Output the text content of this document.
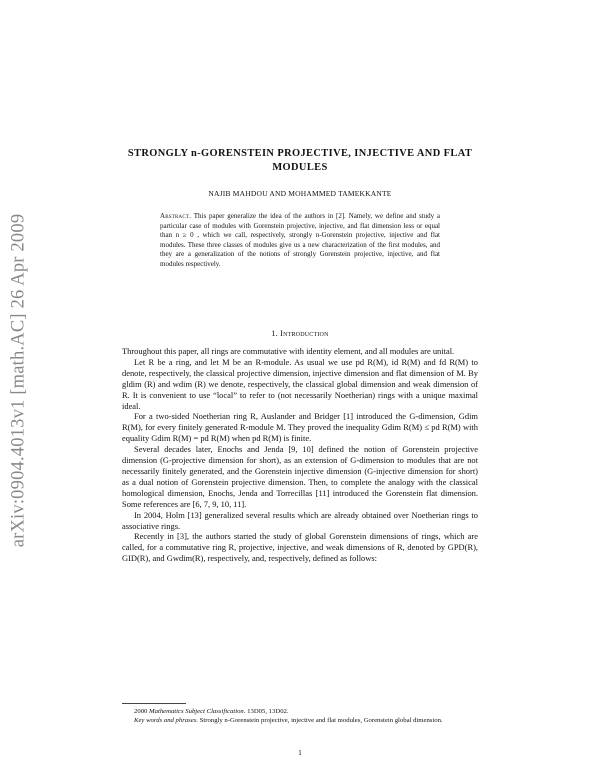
arXiv:0904.4013v1 [math.AC] 26 Apr 2009
STRONGLY n-GORENSTEIN PROJECTIVE, INJECTIVE AND FLAT MODULES
NAJIB MAHDOU AND MOHAMMED TAMEKKANTE
Abstract. This paper generalize the idea of the authors in [2]. Namely, we define and study a particular case of modules with Gorenstein projective, injective, and flat dimension less or equal than n ≥ 0 , which we call, respectively, strongly n-Gorenstein projective, injective and flat modules. These three classes of modules give us a new characterization of the first modules, and they are a generalization of the notions of strongly Gorenstein projective, injective, and flat modules respectively.
1. Introduction

Throughout this paper, all rings are commutative with identity element, and all modules are unital.

Let R be a ring, and let M be an R-module. As usual we use pd R(M), id R(M) and fd R(M) to denote, respectively, the classical projective dimension, injective dimension and flat dimension of M. By gldim (R) and wdim (R) we denote, respectively, the classical global dimension and weak dimension of R. It is convenient to use “local” to refer to (not necessarily Noetherian) rings with a unique maximal ideal.

For a two-sided Noetherian ring R, Auslander and Bridger [1] introduced the G-dimension, Gdim R(M), for every finitely generated R-module M. They proved the inequality Gdim R(M) ≤ pd R(M) with equality Gdim R(M) = pd R(M) when pd R(M) is finite.

Several decades later, Enochs and Jenda [9, 10] defined the notion of Gorenstein projective dimension (G-projective dimension for short), as an extension of G-dimension to modules that are not necessarily finitely generated, and the Gorenstein injective dimension (G-injective dimension for short) as a dual notion of Gorenstein projective dimension. Then, to complete the analogy with the classical homological dimension, Enochs, Jenda and Torrecillas [11] introduced the Gorenstein flat dimension. Some references are [6, 7, 9, 10, 11].

In 2004, Holm [13] generalized several results which are already obtained over Noetherian rings to associative rings.

Recently in [3], the authors started the study of global Gorenstein dimensions of rings, which are called, for a commutative ring R, projective, injective, and weak dimensions of R, denoted by GPD(R), GID(R), and Gwdim(R), respectively, and, respectively, defined as follows:

2000 Mathematics Subject Classification. 13D05, 13D02.

Key words and phrases. Strongly n-Gorenstein projective, injective and flat modules, Gorenstein global dimension.

1
